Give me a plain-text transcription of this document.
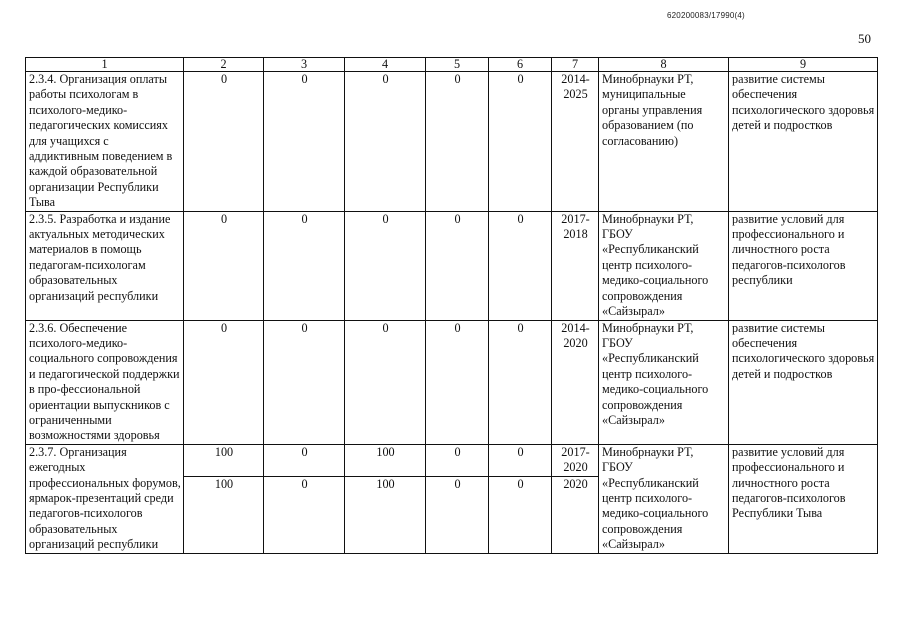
620200083/17990(4)
50
1	2	3	4	5	6	7	8	9
2.3.4. Организация оплаты работы психологам в психолого-медико-педагогических комиссиях для учащихся с аддиктивным поведением в каждой образовательной организации Республики Тыва	0	0	0	0	0	2014-2025	Минобрнауки РТ, муниципальные органы управления образованием (по согласованию)	развитие системы обеспечения психологического здоровья детей и подростков
2.3.5. Разработка и издание актуальных методических материалов в помощь педагогам-психологам образовательных организаций республики	0	0	0	0	0	2017-2018	Минобрнауки РТ, ГБОУ «Республиканский центр психолого-медико-социального сопровождения «Сайзырал»	развитие условий для профессионального и личностного роста педагогов-психологов республики
2.3.6. Обеспечение психолого-медико-социального сопровождения и педагогической поддержки в про-фессиональной ориентации выпускников с ограниченными возможностями здоровья	0	0	0	0	0	2014-2020	Минобрнауки РТ, ГБОУ «Республиканский центр психолого-медико-социального сопровождения «Сайзырал»	развитие системы обеспечения психологического здоровья детей и подростков
2.3.7. Организация ежегодных профессиональных форумов, ярмарок-презентаций среди педагогов-психологов образовательных организаций республики	100	0	100	0	0	2017-2020	Минобрнауки РТ, ГБОУ «Республиканский центр психолого-медико-социального сопровождения «Сайзырал»	развитие условий для профессионального и личностного роста педагогов-психологов Республики Тыва
	100	0	100	0	0	2020		
